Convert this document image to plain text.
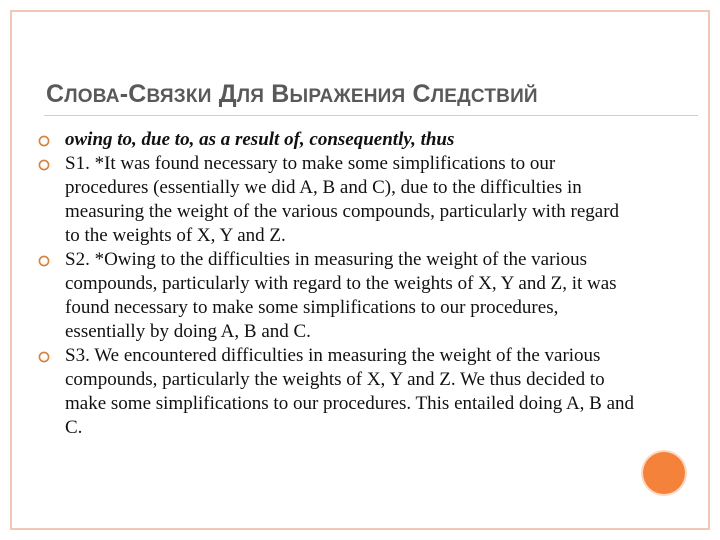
СЛОВА-СВЯЗКИ ДЛЯ ВЫРАЖЕНИЯ СЛЕДСТВИЙ
owing to, due to, as a result of, consequently, thus
S1. *It was found necessary to make some simplifications to our procedures (essentially we did A, B and C), due to the difficulties in measuring the weight of the various compounds, particularly with regard to the weights of X, Y and Z.
S2. *Owing to the difficulties in measuring the weight of the various compounds, particularly with regard to the weights of X, Y and Z, it was found necessary to make some simplifications to our procedures, essentially by doing A, B and C.
S3. We encountered difficulties in measuring the weight of the various compounds, particularly the weights of X, Y and Z. We thus decided to make some simplifications to our procedures. This entailed doing A, B and C.
